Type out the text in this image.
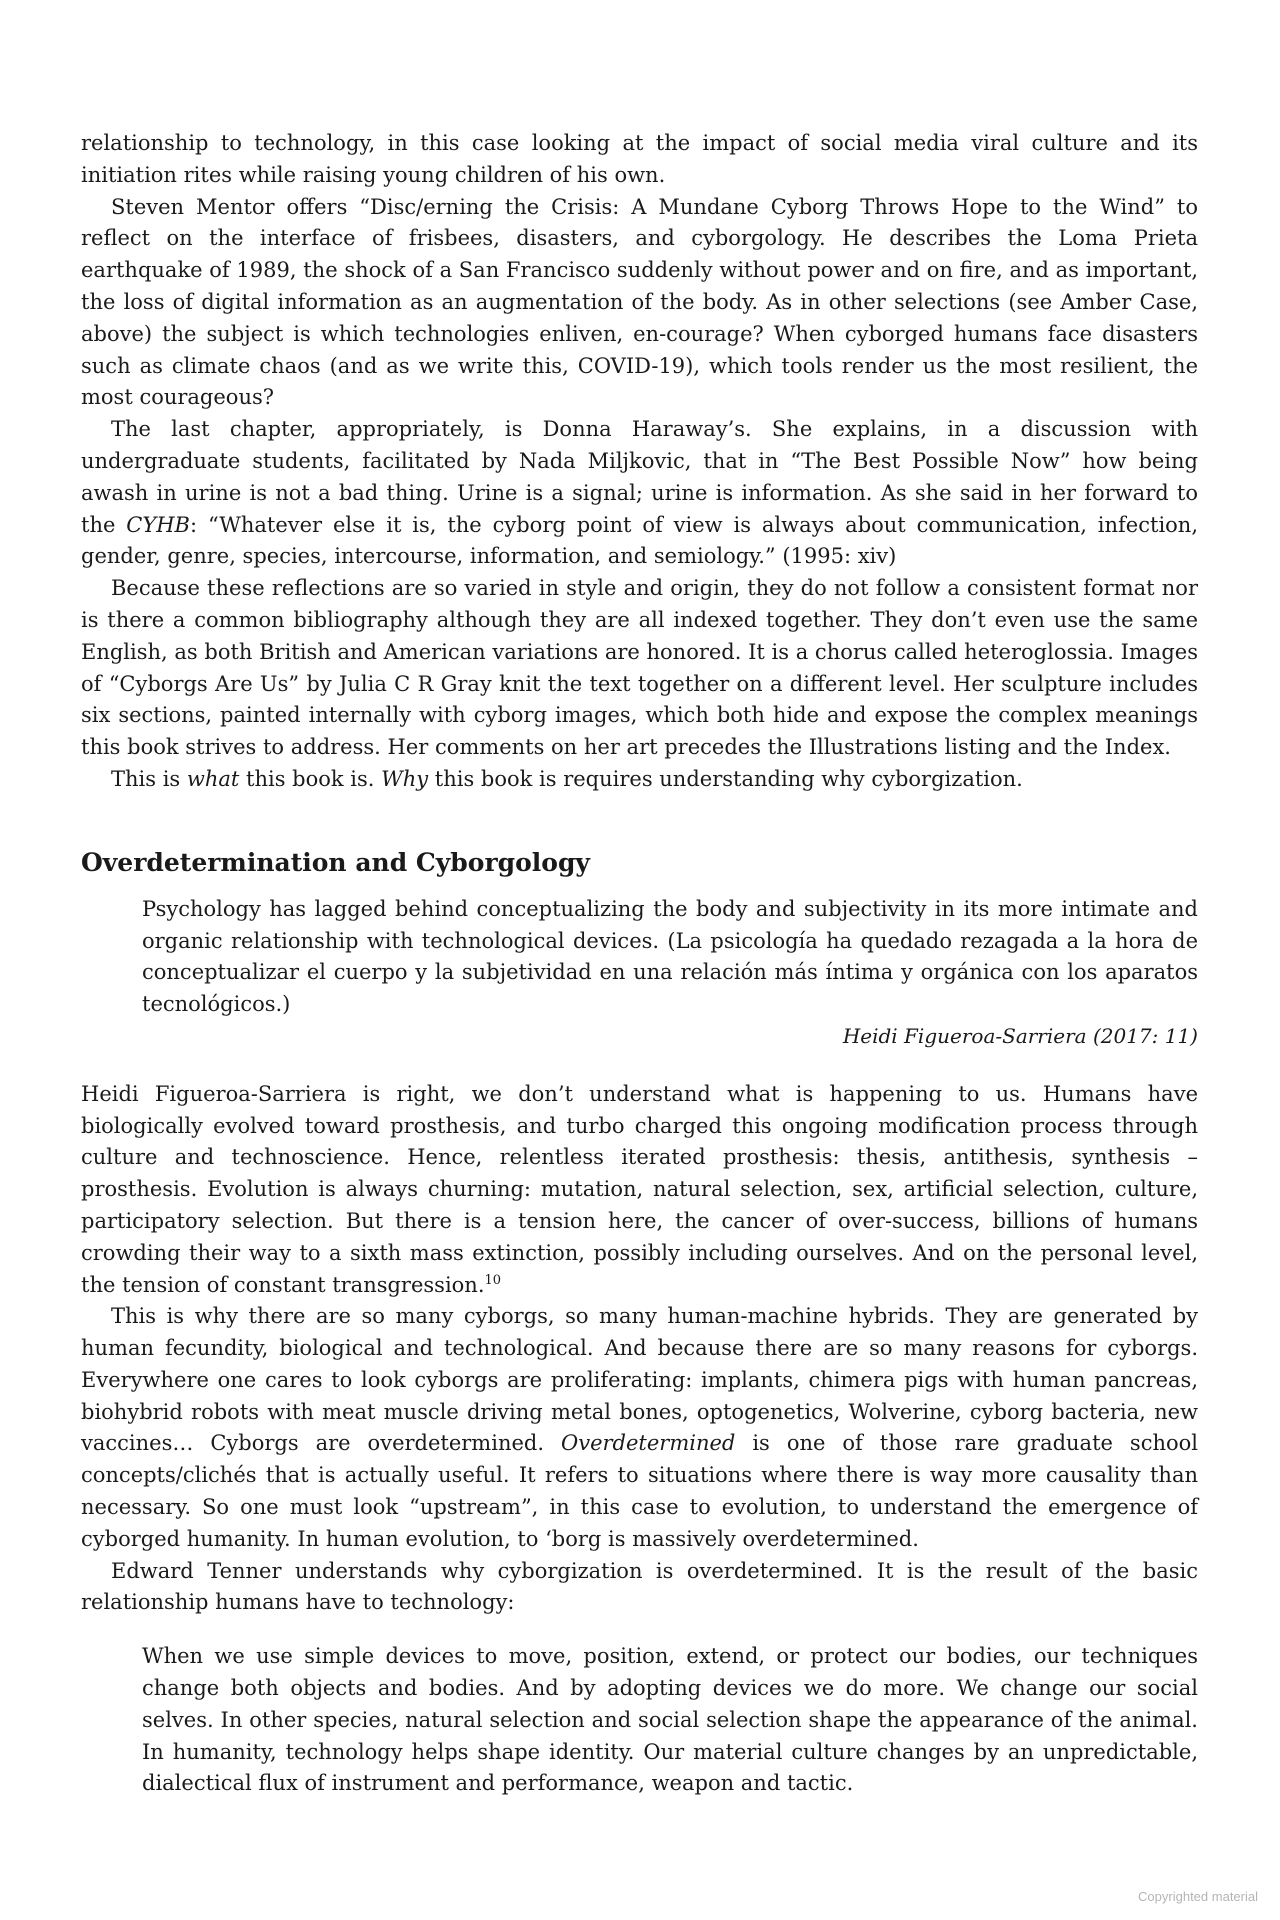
relationship to technology, in this case looking at the impact of social media viral culture and its initiation rites while raising young children of his own.

Steven Mentor offers “Disc/erning the Crisis: A Mundane Cyborg Throws Hope to the Wind” to reflect on the interface of frisbees, disasters, and cyborgology. He describes the Loma Prieta earthquake of 1989, the shock of a San Francisco suddenly without power and on fire, and as important, the loss of digital information as an augmentation of the body. As in other selections (see Amber Case, above) the subject is which technologies enliven, en-courage? When cyborged humans face disasters such as climate chaos (and as we write this, COVID-19), which tools render us the most resilient, the most courageous?

The last chapter, appropriately, is Donna Haraway’s. She explains, in a discussion with undergraduate students, facilitated by Nada Miljkovic, that in “The Best Possible Now” how being awash in urine is not a bad thing. Urine is a signal; urine is information. As she said in her forward to the CYHB: “Whatever else it is, the cyborg point of view is always about communication, infection, gender, genre, species, intercourse, information, and semiology.” (1995: xiv)

Because these reflections are so varied in style and origin, they do not follow a consistent format nor is there a common bibliography although they are all indexed together. They don’t even use the same English, as both British and American variations are honored. It is a chorus called heteroglossia. Images of “Cyborgs Are Us” by Julia C R Gray knit the text together on a different level. Her sculpture includes six sections, painted internally with cyborg images, which both hide and expose the complex meanings this book strives to address. Her comments on her art precedes the Illustrations listing and the Index.

This is what this book is. Why this book is requires understanding why cyborgization.

Overdetermination and Cyborgology

Psychology has lagged behind conceptualizing the body and subjectivity in its more intimate and organic relationship with technological devices. (La psicología ha quedado rezagada a la hora de conceptualizar el cuerpo y la subjetividad en una relación más íntima y orgánica con los aparatos tecnológicos.)

Heidi Figueroa-Sarriera (2017: 11)

Heidi Figueroa-Sarriera is right, we don’t understand what is happening to us. Humans have biologically evolved toward prosthesis, and turbo charged this ongoing modification process through culture and technoscience. Hence, relentless iterated prosthesis: thesis, antithesis, synthesis – prosthesis. Evolution is always churning: mutation, natural selection, sex, artificial selection, culture, participatory selection. But there is a tension here, the cancer of over-success, billions of humans crowding their way to a sixth mass extinction, possibly including ourselves. And on the personal level, the tension of constant transgression.$^{10}$

This is why there are so many cyborgs, so many human-machine hybrids. They are generated by human fecundity, biological and technological. And because there are so many reasons for cyborgs. Everywhere one cares to look cyborgs are proliferating: implants, chimera pigs with human pancreas, biohybrid robots with meat muscle driving metal bones, optogenetics, Wolverine, cyborg bacteria, new vaccines… Cyborgs are overdetermined. Overdetermined is one of those rare graduate school concepts/clichés that is actually useful. It refers to situations where there is way more causality than necessary. So one must look “upstream”, in this case to evolution, to understand the emergence of cyborged humanity. In human evolution, to ‘borg is massively overdetermined.

Edward Tenner understands why cyborgization is overdetermined. It is the result of the basic relationship humans have to technology:

When we use simple devices to move, position, extend, or protect our bodies, our techniques change both objects and bodies. And by adopting devices we do more. We change our social selves. In other species, natural selection and social selection shape the appearance of the animal. In humanity, technology helps shape identity. Our material culture changes by an unpredictable, dialectical flux of instrument and performance, weapon and tactic.

Copyrighted material
